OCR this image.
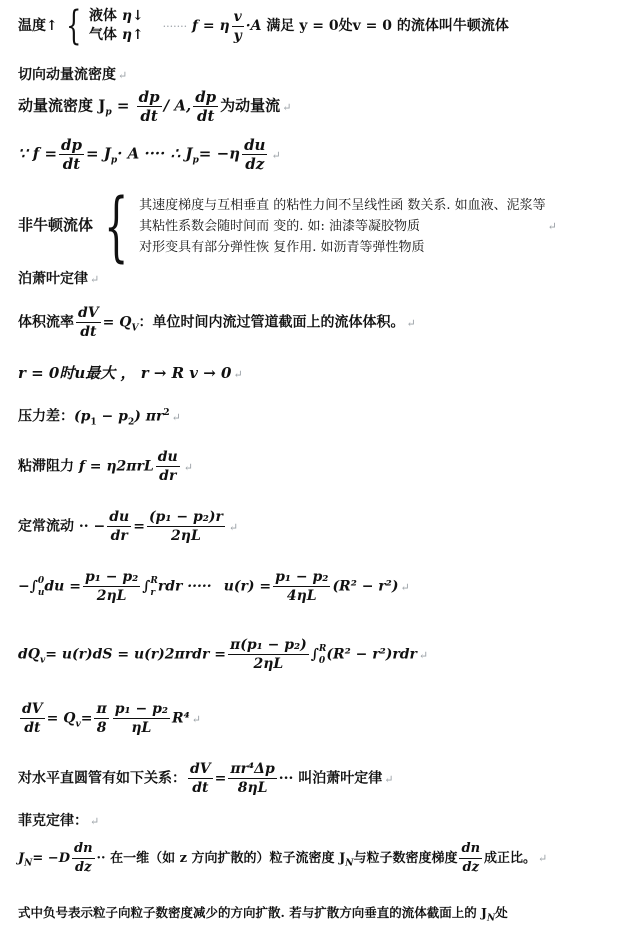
温度↑ { 液体 η↓
气体 η↑
······· f = η $\frac{v}{y} \cdot A$ 满足 y = 0处v = 0 的流体叫牛顿流体
切向动量流密度 ↵
动量流密度 $J_p = \frac{dp}{dt} / A$, $\frac{dp}{dt}$ 为动量流 ↵
∵ $f = \frac{dp}{dt} = J_p\cdot A$ ···· ∴ $J_p= -\eta \frac{du}{dz}$ ↵
非牛顿流体 { 其速度梯度与互相垂直 的粘性力间不呈线性函 数关系. 如血液、泥浆等
其粘性系数会随时间而 变的. 如: 油漆等凝胶物质
对形变具有部分弹性恢 复作用. 如沥青等弹性物质
↵
泊萧叶定律 ↵
体积流率 $\frac{dV}{dt} = Q_V$：单位时间内流过管道截面上的流体体积。 ↵
r = 0时u最大 ， r → R v → 0 ↵
压力差：$(p_1 - p_2)$ $\pi r^2$ ↵
粘滞阻力 $f = \eta 2\pi rL \frac{du}{dr}$ ↵
定常流动 ·· − $\frac{du}{dr} = \frac{\text{(p₁ − p₂)r}}{2\eta L}$ ↵
−∫ 0
u du = $\frac{\text{p₁ − p₂}}{2\eta L}$ ∫ R
r rdr ····· $u(r) = \frac{\text{p₁ − p₂}}{4\eta L} (R^2 - r^2)$ ↵
$dQ_v= u(r)dS = u(r)2\pi rdr = \frac{\text{π(p₁ − p₂)}}{2\eta L}$ ∫ R
0 (R² − r²)rdr ↵
$\frac{dV}{dt} = Q_v= \frac{\pi}{8} \frac{\text{p₁ − p₂}}{\eta L} R^4$ ↵
对水平直圆管有如下关系： $\frac{dV}{dt} = \frac{\text{πr⁴Δp}}{8\eta L}$ ··· 叫泊萧叶定律 ↵
菲克定律： ↵
$J_N= -D \frac{dn}{dz}$ ·· 在一维（如 z 方向扩散的）粒子流密度 $J_N$与粒子数密度梯度 $\frac{dn}{dz}$ 成正比。 ↵
式中负号表示粒子向粒子数密度减少的方向扩散. 若与扩散方向垂直的流体截面上的 $J_N$处
